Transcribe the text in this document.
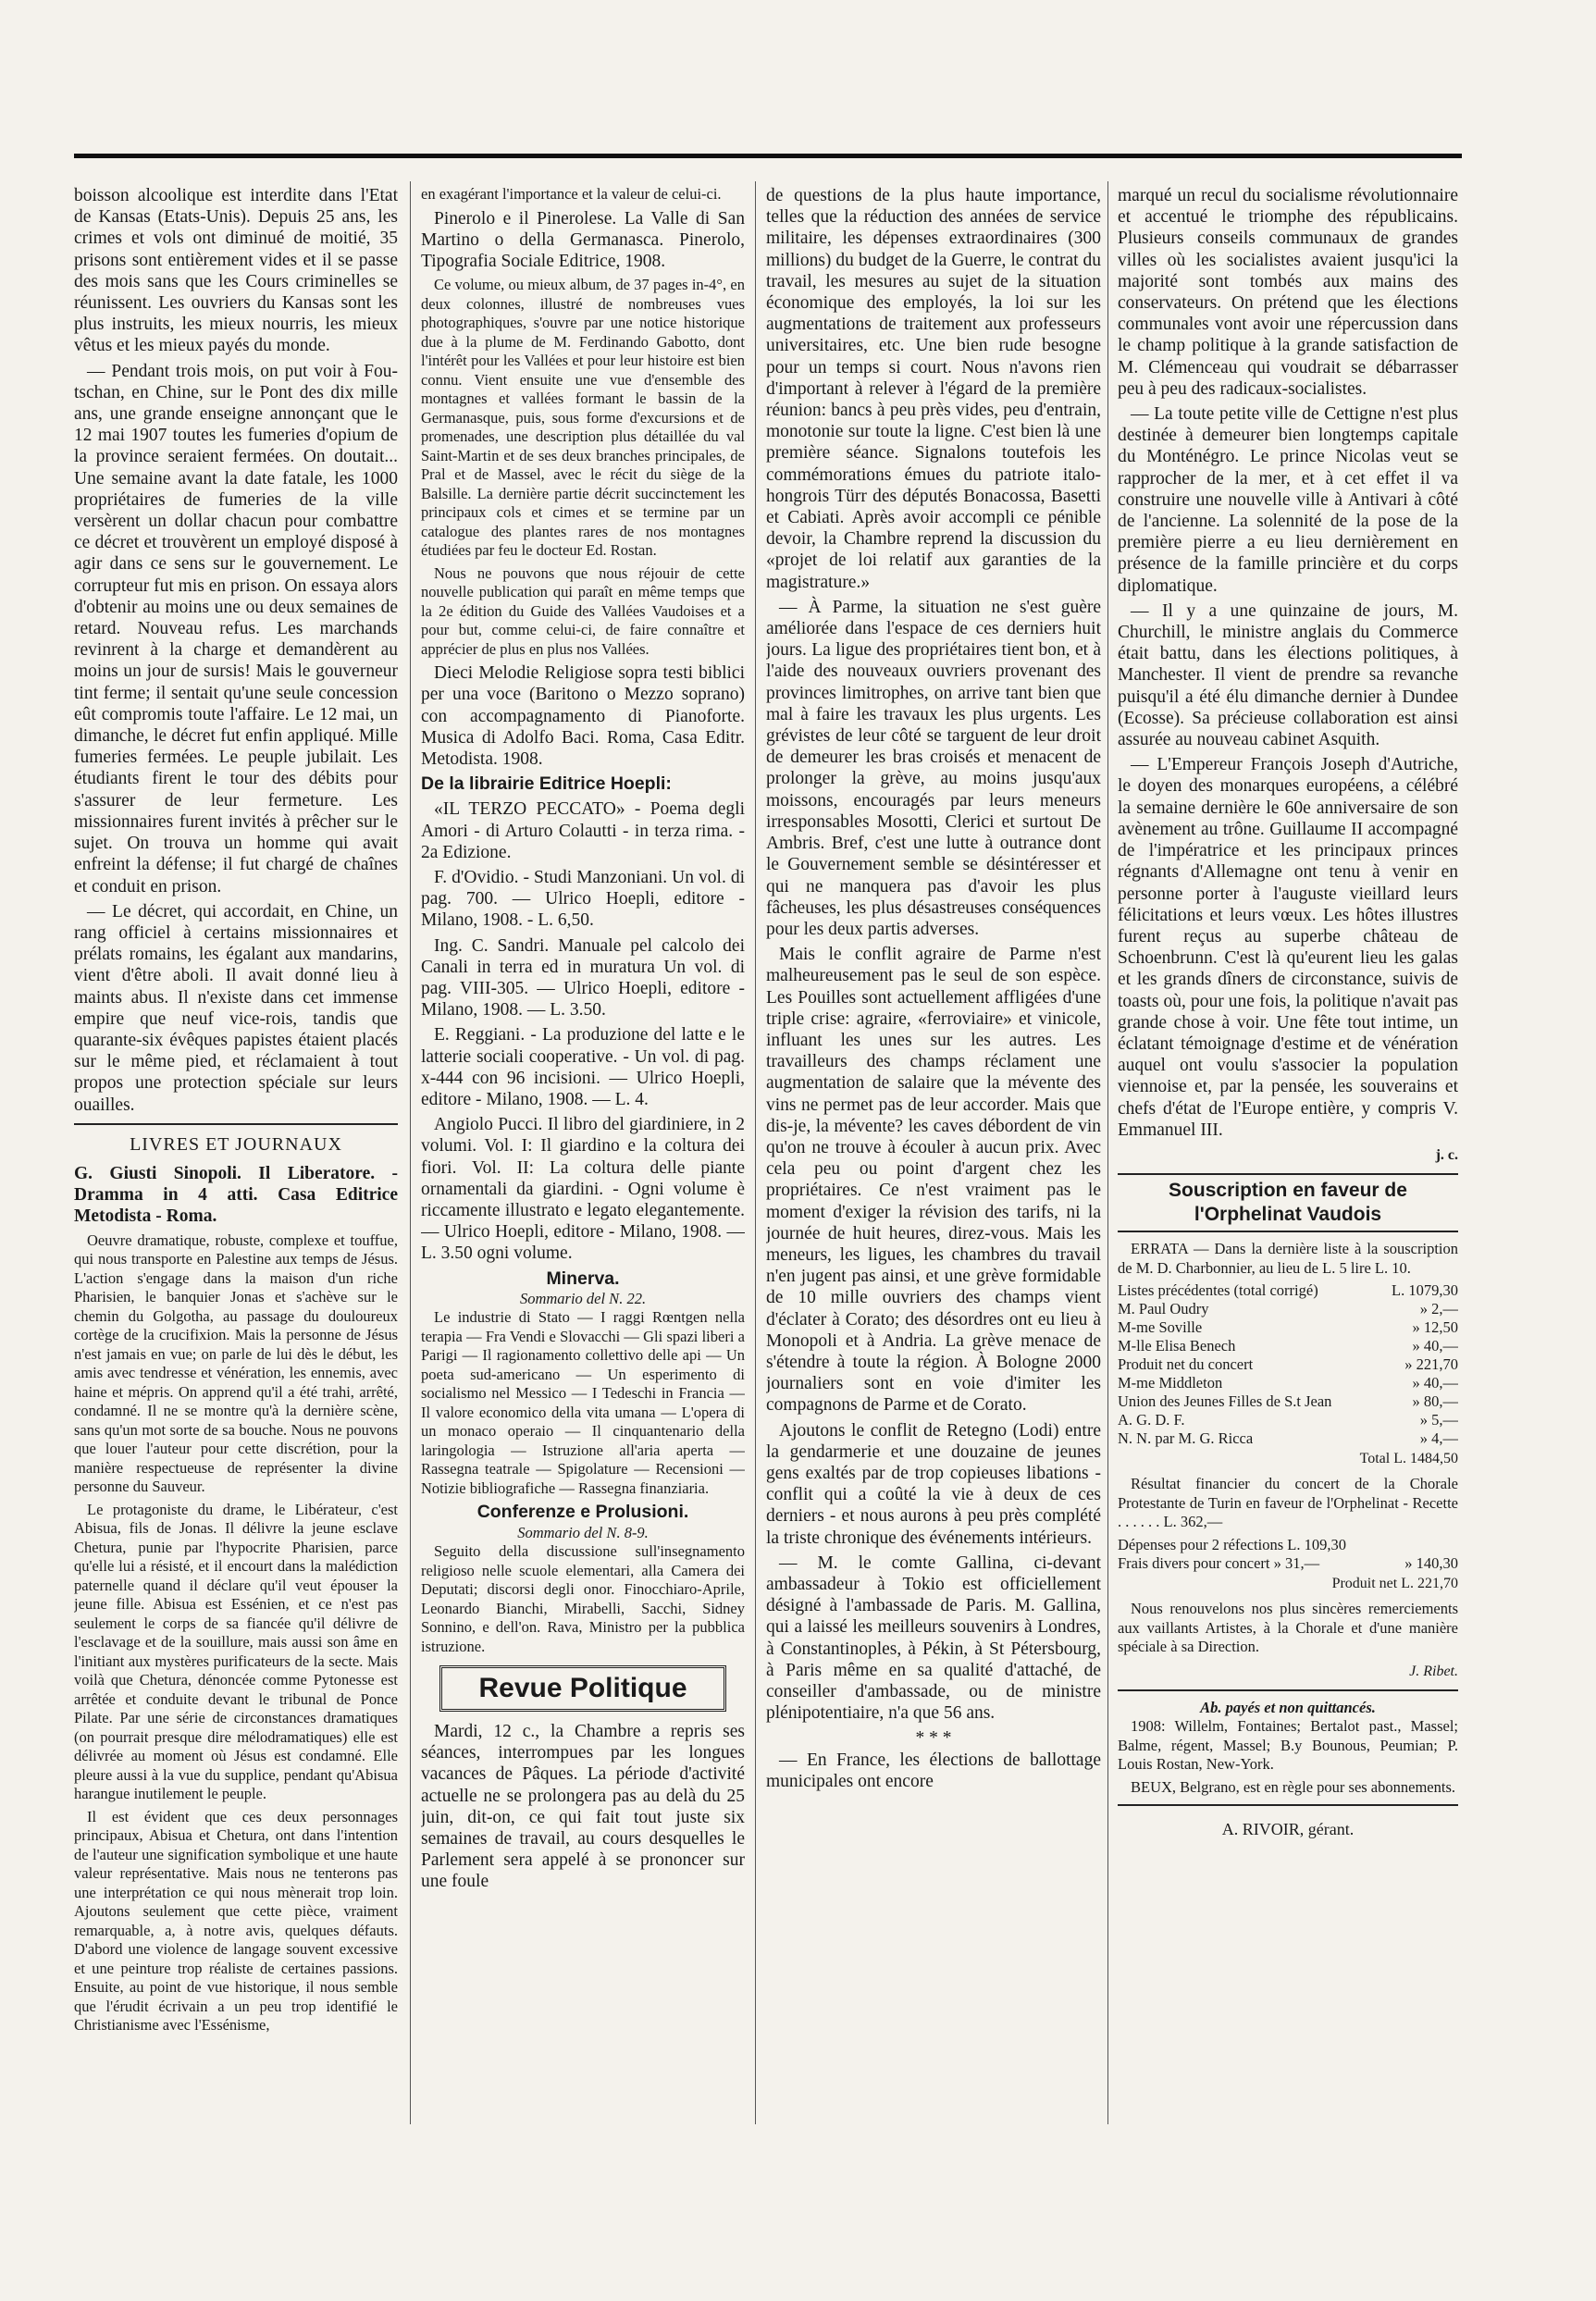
boisson alcoolique est interdite dans l'Etat de Kansas (Etats-Unis). Depuis 25 ans, les crimes et vols ont diminué de moitié, 35 prisons sont entièrement vides et il se passe des mois sans que les Cours criminelles se réunissent. Les ouvriers du Kansas sont les plus instruits, les mieux nourris, les mieux vêtus et les mieux payés du monde.

— Pendant trois mois, on put voir à Fou-tschan, en Chine, sur le Pont des dix mille ans, une grande enseigne annonçant que le 12 mai 1907 toutes les fumeries d'opium de la province seraient fermées. On doutait... Une semaine avant la date fatale, les 1000 propriétaires de fumeries de la ville versèrent un dollar chacun pour combattre ce décret et trouvèrent un employé disposé à agir dans ce sens sur le gouvernement. Le corrupteur fut mis en prison. On essaya alors d'obtenir au moins une ou deux semaines de retard. Nouveau refus. Les marchands revinrent à la charge et demandèrent au moins un jour de sursis! Mais le gouverneur tint ferme; il sentait qu'une seule concession eût compromis toute l'affaire. Le 12 mai, un dimanche, le décret fut enfin appliqué. Mille fumeries fermées. Le peuple jubilait. Les étudiants firent le tour des débits pour s'assurer de leur fermeture. Les missionnaires furent invités à prêcher sur le sujet. On trouva un homme qui avait enfreint la défense; il fut chargé de chaînes et conduit en prison.

— Le décret, qui accordait, en Chine, un rang officiel à certains missionnaires et prélats romains, les égalant aux mandarins, vient d'être aboli. Il avait donné lieu à maints abus. Il n'existe dans cet immense empire que neuf vice-rois, tandis que quarante-six évêques papistes étaient placés sur le même pied, et réclamaient à tout propos une protection spéciale sur leurs ouailles.

LIVRES ET JOURNAUX

G. Giusti Sinopoli. Il Liberatore. - Dramma in 4 atti. Casa Editrice Metodista - Roma.

Oeuvre dramatique, robuste, complexe et touffue, qui nous transporte en Palestine aux temps de Jésus. L'action s'engage dans la maison d'un riche Pharisien, le banquier Jonas et s'achève sur le chemin du Golgotha, au passage du douloureux cortège de la crucifixion. Mais la personne de Jésus n'est jamais en vue; on parle de lui dès le début, les amis avec tendresse et vénération, les ennemis, avec haine et mépris. On apprend qu'il a été trahi, arrêté, condamné. Il ne se montre qu'à la dernière scène, sans qu'un mot sorte de sa bouche. Nous ne pouvons que louer l'auteur pour cette discrétion, pour la manière respectueuse de représenter la divine personne du Sauveur.

Le protagoniste du drame, le Libérateur, c'est Abisua, fils de Jonas. Il délivre la jeune esclave Chetura, punie par l'hypocrite Pharisien, parce qu'elle lui a résisté, et il encourt dans la malédiction paternelle quand il déclare qu'il veut épouser la jeune fille. Abisua est Essénien, et ce n'est pas seulement le corps de sa fiancée qu'il délivre de l'esclavage et de la souillure, mais aussi son âme en l'initiant aux mystères purificateurs de la secte. Mais voilà que Chetura, dénoncée comme Pytonesse est arrêtée et conduite devant le tribunal de Ponce Pilate. Par une série de circonstances dramatiques (on pourrait presque dire mélodramatiques) elle est délivrée au moment où Jésus est condamné. Elle pleure aussi à la vue du supplice, pendant qu'Abisua harangue inutilement le peuple.

Il est évident que ces deux personnages principaux, Abisua et Chetura, ont dans l'intention de l'auteur une signification symbolique et une haute valeur représentative. Mais nous ne tenterons pas une interprétation ce qui nous mènerait trop loin. Ajoutons seulement que cette pièce, vraiment remarquable, a, à notre avis, quelques défauts. D'abord une violence de langage souvent excessive et une peinture trop réaliste de certaines passions. Ensuite, au point de vue historique, il nous semble que l'érudit écrivain a un peu trop identifié le Christianisme avec l'Essénisme,

en exagérant l'importance et la valeur de celui-ci.

Pinerolo e il Pinerolese. La Valle di San Martino o della Germanasca. Pinerolo, Tipografia Sociale Editrice, 1908.

Ce volume, ou mieux album, de 37 pages in-4°, en deux colonnes, illustré de nombreuses vues photographiques, s'ouvre par une notice historique due à la plume de M. Ferdinando Gabotto, dont l'intérêt pour les Vallées et pour leur histoire est bien connu. Vient ensuite une vue d'ensemble des montagnes et vallées formant le bassin de la Germanasque, puis, sous forme d'excursions et de promenades, une description plus détaillée du val Saint-Martin et de ses deux branches principales, de Pral et de Massel, avec le récit du siège de la Balsille. La dernière partie décrit succinctement les principaux cols et cimes et se termine par un catalogue des plantes rares de nos montagnes étudiées par feu le docteur Ed. Rostan.

Nous ne pouvons que nous réjouir de cette nouvelle publication qui paraît en même temps que la 2e édition du Guide des Vallées Vaudoises et a pour but, comme celui-ci, de faire connaître et apprécier de plus en plus nos Vallées.

Dieci Melodie Religiose sopra testi biblici per una voce (Baritono o Mezzo soprano) con accompagnamento di Pianoforte. Musica di Adolfo Baci. Roma, Casa Editr. Metodista. 1908.

De la librairie Editrice Hoepli:

«IL TERZO PECCATO» - Poema degli Amori - di Arturo Colautti - in terza rima. - 2a Edizione.

F. d'Ovidio. - Studi Manzoniani. Un vol. di pag. 700. — Ulrico Hoepli, editore - Milano, 1908. - L. 6,50.

Ing. C. Sandri. Manuale pel calcolo dei Canali in terra ed in muratura Un vol. di pag. VIII-305. — Ulrico Hoepli, editore - Milano, 1908. — L. 3.50.

E. Reggiani. - La produzione del latte e le latterie sociali cooperative. - Un vol. di pag. x-444 con 96 incisioni. — Ulrico Hoepli, editore - Milano, 1908. — L. 4.

Angiolo Pucci. Il libro del giardiniere, in 2 volumi. Vol. I: Il giardino e la coltura dei fiori. Vol. II: La coltura delle piante ornamentali da giardini. - Ogni volume è riccamente illustrato e legato elegantemente. — Ulrico Hoepli, editore - Milano, 1908. — L. 3.50 ogni volume.

Minerva.
Sommario del N. 22.

Le industrie di Stato — I raggi Rœntgen nella terapia — Fra Vendi e Slovacchi — Gli spazi liberi a Parigi — Il ragionamento collettivo delle api — Un poeta sud-americano — Un esperimento di socialismo nel Messico — I Tedeschi in Francia — Il valore economico della vita umana — L'opera di un monaco operaio — Il cinquantenario della laringologia — Istruzione all'aria aperta — Rassegna teatrale — Spigolature — Recensioni — Notizie bibliografiche — Rassegna finanziaria.

Conferenze e Prolusioni.
Sommario del N. 8-9.

Seguito della discussione sull'insegnamento religioso nelle scuole elementari, alla Camera dei Deputati; discorsi degli onor. Finocchiaro-Aprile, Leonardo Bianchi, Mirabelli, Sacchi, Sidney Sonnino, e dell'on. Rava, Ministro per la pubblica istruzione.

Revue Politique

Mardi, 12 c., la Chambre a repris ses séances, interrompues par les longues vacances de Pâques. La période d'activité actuelle ne se prolongera pas au delà du 25 juin, dit-on, ce qui fait tout juste six semaines de travail, au cours desquelles le Parlement sera appelé à se prononcer sur une foule

de questions de la plus haute importance, telles que la réduction des années de service militaire, les dépenses extraordinaires (300 millions) du budget de la Guerre, le contrat du travail, les mesures au sujet de la situation économique des employés, la loi sur les augmentations de traitement aux professeurs universitaires, etc. Une bien rude besogne pour un temps si court. Nous n'avons rien d'important à relever à l'égard de la première réunion: bancs à peu près vides, peu d'entrain, monotonie sur toute la ligne. C'est bien là une première séance. Signalons toutefois les commémorations émues du patriote italo-hongrois Türr des députés Bonacossa, Basetti et Cabiati. Après avoir accompli ce pénible devoir, la Chambre reprend la discussion du «projet de loi relatif aux garanties de la magistrature.»

— À Parme, la situation ne s'est guère améliorée dans l'espace de ces derniers huit jours. La ligue des propriétaires tient bon, et à l'aide des nouveaux ouvriers provenant des provinces limitrophes, on arrive tant bien que mal à faire les travaux les plus urgents. Les grévistes de leur côté se targuent de leur droit de demeurer les bras croisés et menacent de prolonger la grève, au moins jusqu'aux moissons, encouragés par leurs meneurs irresponsables Mosotti, Clerici et surtout De Ambris. Bref, c'est une lutte à outrance dont le Gouvernement semble se désintéresser et qui ne manquera pas d'avoir les plus fâcheuses, les plus désastreuses conséquences pour les deux partis adverses.

Mais le conflit agraire de Parme n'est malheureusement pas le seul de son espèce. Les Pouilles sont actuellement affligées d'une triple crise: agraire, «ferroviaire» et vinicole, influant les unes sur les autres. Les travailleurs des champs réclament une augmentation de salaire que la mévente des vins ne permet pas de leur accorder. Mais que dis-je, la mévente? les caves débordent de vin qu'on ne trouve à écouler à aucun prix. Avec cela peu ou point d'argent chez les propriétaires. Ce n'est vraiment pas le moment d'exiger la révision des tarifs, ni la journée de huit heures, direz-vous. Mais les meneurs, les ligues, les chambres du travail n'en jugent pas ainsi, et une grève formidable de 10 mille ouvriers des champs vient d'éclater à Corato; des désordres ont eu lieu à Monopoli et à Andria. La grève menace de s'étendre à toute la région. À Bologne 2000 journaliers sont en voie d'imiter les compagnons de Parme et de Corato.

Ajoutons le conflit de Retegno (Lodi) entre la gendarmerie et une douzaine de jeunes gens exaltés par de trop copieuses libations - conflit qui a coûté la vie à deux de ces derniers - et nous aurons à peu près complété la triste chronique des événements intérieurs.

— M. le comte Gallina, ci-devant ambassadeur à Tokio est officiellement désigné à l'ambassade de Paris. M. Gallina, qui a laissé les meilleurs souvenirs à Londres, à Constantinoples, à Pékin, à St Pétersbourg, à Paris même en sa qualité d'attaché, de conseiller d'ambassade, ou de ministre plénipotentiaire, n'a que 56 ans.

* * *

— En France, les élections de ballottage municipales ont encore

marqué un recul du socialisme révolutionnaire et accentué le triomphe des républicains. Plusieurs conseils communaux de grandes villes où les socialistes avaient jusqu'ici la majorité sont tombés aux mains des conservateurs. On prétend que les élections communales vont avoir une répercussion dans le champ politique à la grande satisfaction de M. Clémenceau qui voudrait se débarrasser peu à peu des radicaux-socialistes.

— La toute petite ville de Cettigne n'est plus destinée à demeurer bien longtemps capitale du Monténégro. Le prince Nicolas veut se rapprocher de la mer, et à cet effet il va construire une nouvelle ville à Antivari à côté de l'ancienne. La solennité de la pose de la première pierre a eu lieu dernièrement en présence de la famille princière et du corps diplomatique.

— Il y a une quinzaine de jours, M. Churchill, le ministre anglais du Commerce était battu, dans les élections politiques, à Manchester. Il vient de prendre sa revanche puisqu'il a été élu dimanche dernier à Dundee (Ecosse). Sa précieuse collaboration est ainsi assurée au nouveau cabinet Asquith.

— L'Empereur François Joseph d'Autriche, le doyen des monarques européens, a célébré la semaine dernière le 60e anniversaire de son avènement au trône. Guillaume II accompagné de l'impératrice et les principaux princes régnants d'Allemagne ont tenu à venir en personne porter à l'auguste vieillard leurs félicitations et leurs vœux. Les hôtes illustres furent reçus au superbe château de Schoenbrunn. C'est là qu'eurent lieu les galas et les grands dîners de circonstance, suivis de toasts où, pour une fois, la politique n'avait pas grande chose à voir. Une fête tout intime, un éclatant témoignage d'estime et de vénération auquel ont voulu s'associer la population viennoise et, par la pensée, les souverains et chefs d'état de l'Europe entière, y compris V. Emmanuel III.

j. c.
Souscription en faveur de l'Orphelinat Vaudois

ERRATA — Dans la dernière liste à la souscription de M. D. Charbonnier, au lieu de L. 5 lire L. 10.

Listes précédentes (total corrigé)	L. 1079,30
M. Paul Oudry	» 2,—
M-me Soville	» 12,50
M-lle Elisa Benech	» 40,—
Produit net du concert	» 221,70
M-me Middleton	» 40,—
Union des Jeunes Filles de S.t Jean	» 80,—
A. G. D. F.	» 5,—
N. N. par M. G. Ricca	» 4,—
Total L. 1484,50

Résultat financier du concert de la Chorale Protestante de Turin en faveur de l'Orphelinat - Recette . . . . . . L. 362,—

Dépenses pour 2 réfections L. 109,30
Frais divers pour concert » 31,—	» 140,30
Produit net L. 221,70

Nous renouvelons nos plus sincères remerciements aux vaillants Artistes, à la Chorale et d'une manière spéciale à sa Direction.

J. Ribet.
Ab. payés et non quittancés.

1908: Willelm, Fontaines; Bertalot past., Massel; Balme, régent, Massel; B.y Bounous, Peumian; P. Louis Rostan, New-York.

BEUX, Belgrano, est en règle pour ses abonnements.

A. RIVOIR, gérant.
